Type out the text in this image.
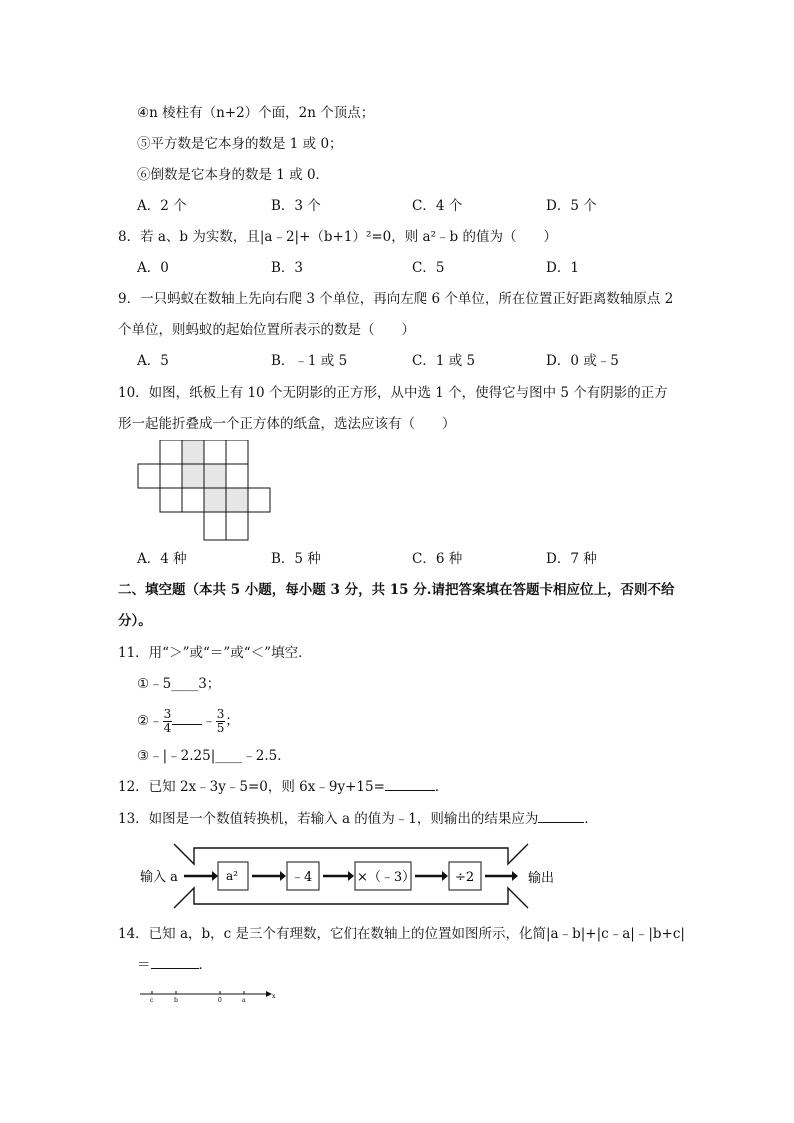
④n 棱柱有（n+2）个面，2n 个顶点；
⑤平方数是它本身的数是 1 或 0；
⑥倒数是它本身的数是 1 或 0．
A．2 个	B．3 个	C．4 个	D．5 个
8．若 a、b 为实数，且|a﹣2|+（b+1）²=0，则 a²﹣b 的值为（　　）
A．0	B．3	C．5	D．1
9．一只蚂蚁在数轴上先向右爬 3 个单位，再向左爬 6 个单位，所在位置正好距离数轴原点 2
个单位，则蚂蚁的起始位置所表示的数是（　　）
A．5	B．﹣1 或 5	C．1 或 5	D．0 或﹣5
10．如图，纸板上有 10 个无阴影的正方形，从中选 1 个，使得它与图中 5 个有阴影的正方
形一起能折叠成一个正方体的纸盒，选法应该有（　　）
A．4 种	B．5 种	C．6 种	D．7 种
二、填空题（本共 5 小题，每小题 3 分，共 15 分.请把答案填在答题卡相应位上，否则不给
分）。
11．用“＞”或“＝”或“＜”填空．
①﹣5____3；
②﹣ $\frac{3}{4}$ ﹣ $\frac{3}{5}$ ；
③﹣|﹣2.25|____﹣2.5．
12．已知 2x﹣3y﹣5=0，则 6x﹣9y+15=	．
13．如图是一个数值转换机，若输入 a 的值为﹣1，则输出的结果应为	．
输入 a	a²	﹣4	×（﹣3）	÷2	输出
14．已知 a，b，c 是三个有理数，它们在数轴上的位置如图所示，化简|a﹣b|+|c﹣a|﹣|b+c|
＝	．
c	b	0	a
x
